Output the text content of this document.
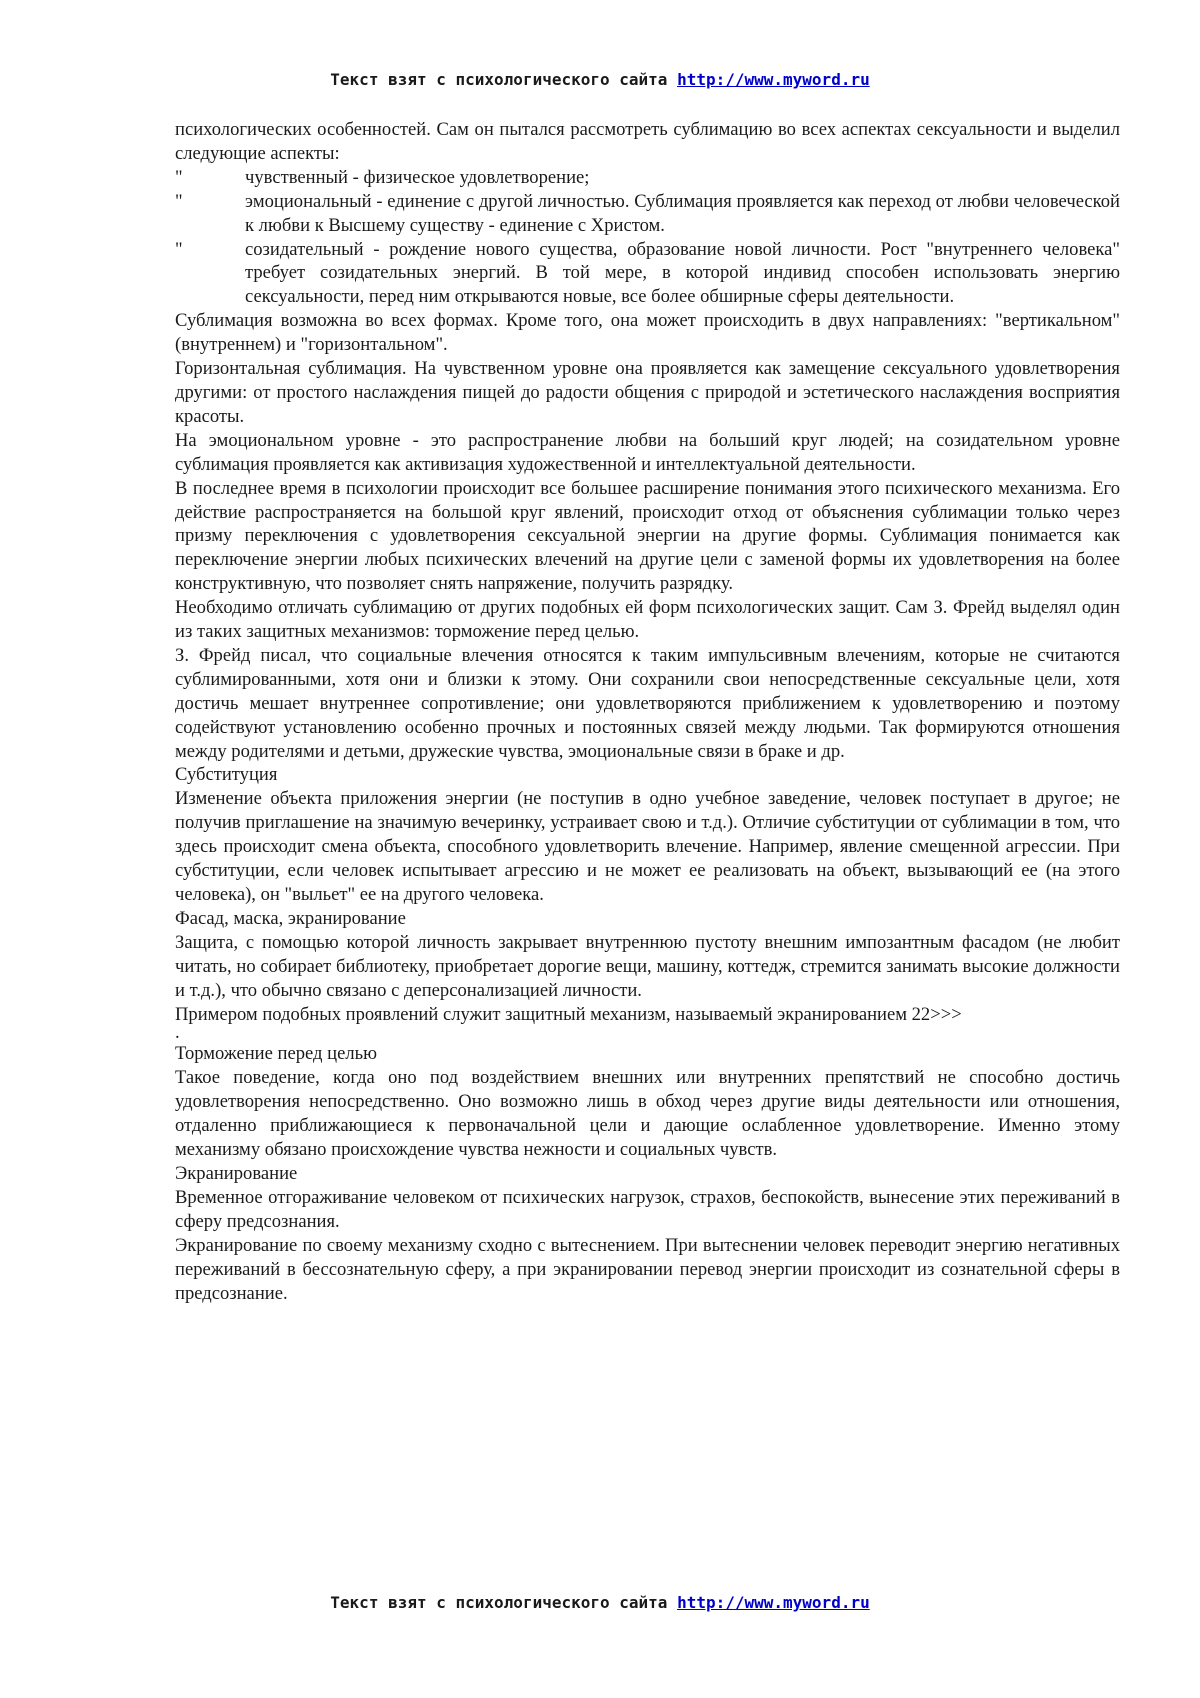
Текст взят с психологического сайта http://www.myword.ru

психологических особенностей. Сам он пытался рассмотреть сублимацию во всех аспектах сексуальности и выделил следующие аспекты:

"	чувственный - физическое удовлетворение;

"	эмоциональный - единение с другой личностью. Сублимация проявляется как переход от любви человеческой к любви к Высшему существу - единение с Христом.

"	созидательный - рождение нового существа, образование новой личности. Рост "внутреннего человека" требует созидательных энергий. В той мере, в которой индивид способен использовать энергию сексуальности, перед ним открываются новые, все более обширные сферы деятельности.

Сублимация возможна во всех формах. Кроме того, она может происходить в двух направлениях: "вертикальном" (внутреннем) и "горизонтальном".

Горизонтальная сублимация. На чувственном уровне она проявляется как замещение сексуального удовлетворения другими: от простого наслаждения пищей до радости общения с природой и эстетического наслаждения восприятия красоты.

На эмоциональном уровне - это распространение любви на больший круг людей; на созидательном уровне сублимация проявляется как активизация художественной и интеллектуальной деятельности.

В последнее время в психологии происходит все большее расширение понимания этого психического механизма. Его действие распространяется на большой круг явлений, происходит отход от объяснения сублимации только через призму переключения с удовлетворения сексуальной энергии на другие формы. Сублимация понимается как переключение энергии любых психических влечений на другие цели с заменой формы их удовлетворения на более конструктивную, что позволяет снять напряжение, получить разрядку.

Необходимо отличать сублимацию от других подобных ей форм психологических защит. Сам З. Фрейд выделял один из таких защитных механизмов: торможение перед целью.

З. Фрейд писал, что социальные влечения относятся к таким импульсивным влечениям, которые не считаются сублимированными, хотя они и близки к этому. Они сохранили свои непосредственные сексуальные цели, хотя достичь мешает внутреннее сопротивление; они удовлетворяются приближением к удовлетворению и поэтому содействуют установлению особенно прочных и постоянных связей между людьми. Так формируются отношения между родителями и детьми, дружеские чувства, эмоциональные связи в браке и др.

Субституция

Изменение объекта приложения энергии (не поступив в одно учебное заведение, человек поступает в другое; не получив приглашение на значимую вечеринку, устраивает свою и т.д.). Отличие субституции от сублимации в том, что здесь происходит смена объекта, способного удовлетворить влечение. Например, явление смещенной агрессии. При субституции, если человек испытывает агрессию и не может ее реализовать на объект, вызывающий ее (на этого человека), он "выльет" ее на другого человека.

Фасад, маска, экранирование

Защита, с помощью которой личность закрывает внутреннюю пустоту внешним импозантным фасадом (не любит читать, но собирает библиотеку, приобретает дорогие вещи, машину, коттедж, стремится занимать высокие должности и т.д.), что обычно связано с деперсонализацией личности.

Примером подобных проявлений служит защитный механизм, называемый экранированием 22>>>

.

Торможение перед целью

Такое поведение, когда оно под воздействием внешних или внутренних препятствий не способно достичь удовлетворения непосредственно. Оно возможно лишь в обход через другие виды деятельности или отношения, отдаленно приближающиеся к первоначальной цели и дающие ослабленное удовлетворение. Именно этому механизму обязано происхождение чувства нежности и социальных чувств.

Экранирование

Временное отгораживание человеком от психических нагрузок, страхов, беспокойств, вынесение этих переживаний в сферу предсознания.

Экранирование по своему механизму сходно с вытеснением. При вытеснении человек переводит энергию негативных переживаний в бессознательную сферу, а при экранировании перевод энергии происходит из сознательной сферы в предсознание.

Текст взят с психологического сайта http://www.myword.ru
